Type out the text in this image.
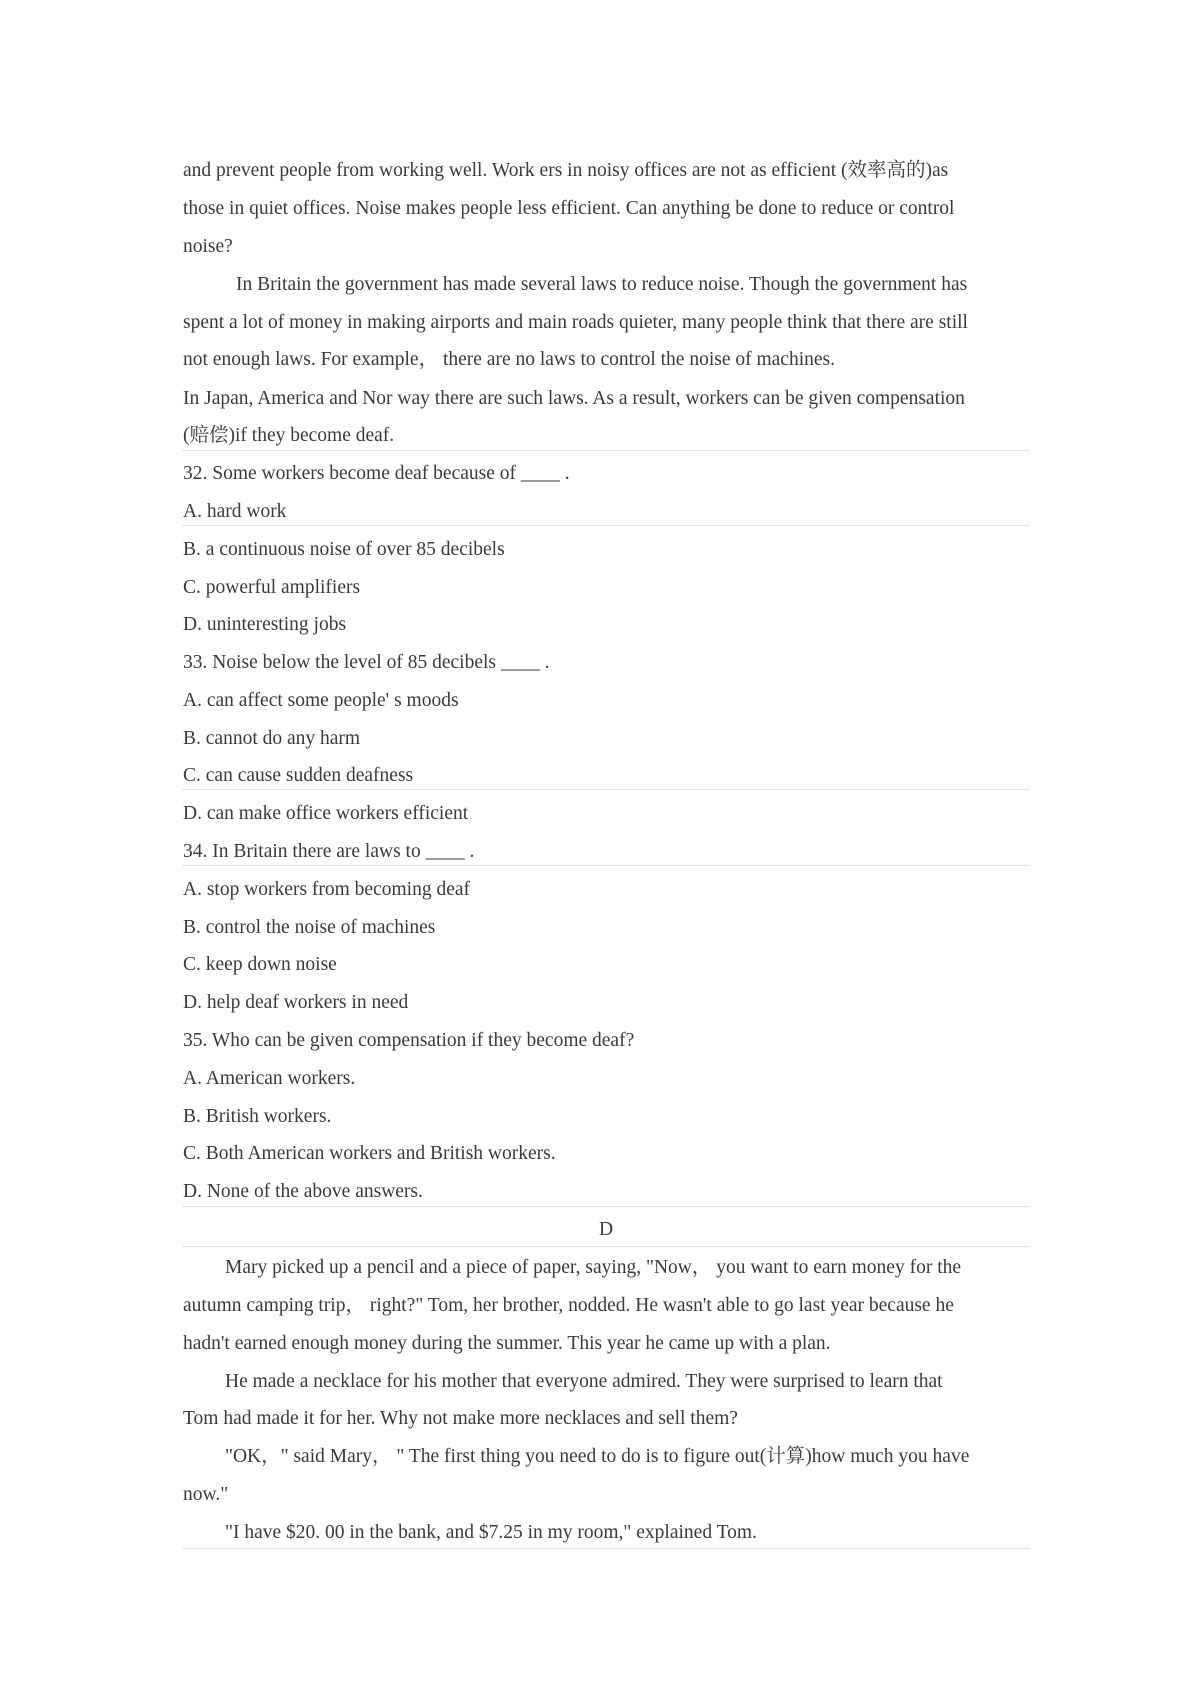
and prevent people from working well. Work ers in noisy offices are not as efficient (效率高的)as
those in quiet offices. Noise makes people less efficient. Can anything be done to reduce or control
noise?
In Britain the government has made several laws to reduce noise. Though the government has
spent a lot of money in making airports and main roads quieter, many people think that there are still
not enough laws. For example， there are no laws to control the noise of machines.
In Japan, America and Nor way there are such laws. As a result, workers can be given compensation
(赔偿)if they become deaf.
32. Some workers become deaf because of ____ .
A. hard work
B. a continuous noise of over 85 decibels
C. powerful amplifiers
D. uninteresting jobs
33. Noise below the level of 85 decibels ____ .
A. can affect some people' s moods
B. cannot do any harm
C. can cause sudden deafness
D. can make office workers efficient
34. In Britain there are laws to ____ .
A. stop workers from becoming deaf
B. control the noise of machines
C. keep down noise
D. help deaf workers in need
35. Who can be given compensation if they become deaf?
A. American workers.
B. British workers.
C. Both American workers and British workers.
D. None of the above answers.
D
Mary picked up a pencil and a piece of paper, saying, "Now， you want to earn money for the
autumn camping trip， right?" Tom, her brother, nodded. He wasn't able to go last year because he
hadn't earned enough money during the summer. This year he came up with a plan.
He made a necklace for his mother that everyone admired. They were surprised to learn that
Tom had made it for her. Why not make more necklaces and sell them?
"OK，" said Mary， " The first thing you need to do is to figure out(计算)how much you have
now."
"I have $20. 00 in the bank, and $7.25 in my room," explained Tom.
